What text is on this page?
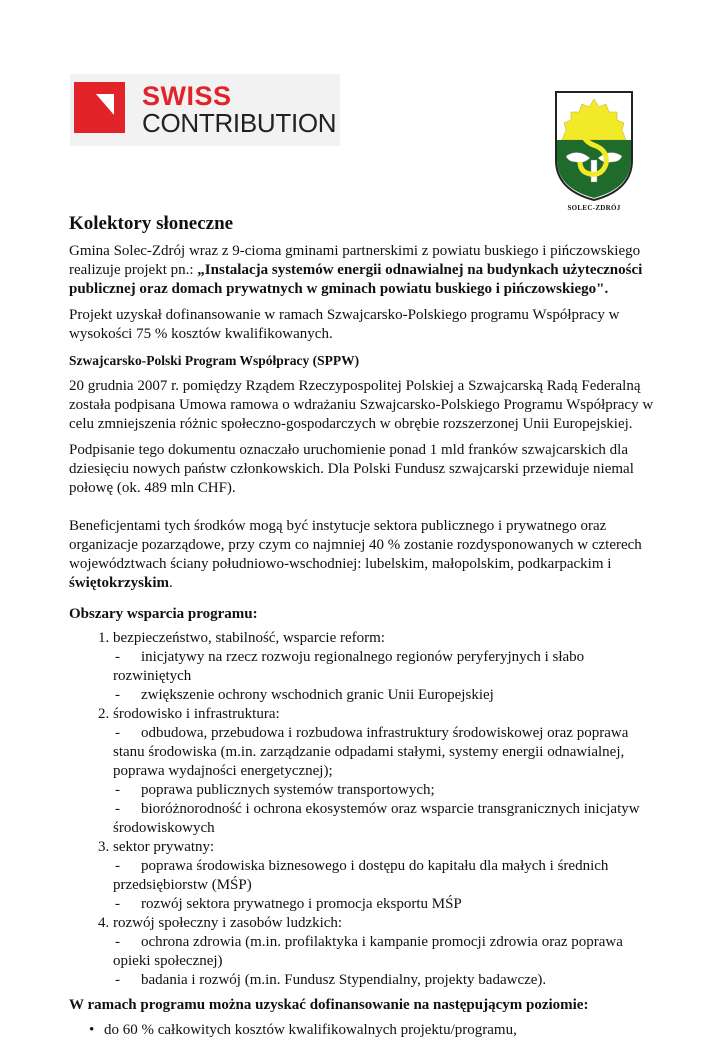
SWISS
CONTRIBUTION
SOLEC-ZDRÓJ
Kolektory słoneczne

Gmina Solec-Zdrój wraz z 9-cioma gminami partnerskimi z powiatu buskiego i pińczowskiego realizuje projekt pn.: „Instalacja systemów energii odnawialnej na budynkach użyteczności publicznej oraz domach prywatnych w gminach powiatu buskiego i pińczowskiego".

Projekt uzyskał dofinansowanie w ramach Szwajcarsko-Polskiego programu Współpracy w wysokości 75 % kosztów kwalifikowanych.

Szwajcarsko-Polski Program Współpracy (SPPW)

20 grudnia 2007 r. pomiędzy Rządem Rzeczypospolitej Polskiej a Szwajcarską Radą Federalną została podpisana Umowa ramowa o wdrażaniu Szwajcarsko-Polskiego Programu Współpracy w celu zmniejszenia różnic społeczno-gospodarczych w obrębie rozszerzonej Unii Europejskiej.

Podpisanie tego dokumentu oznaczało uruchomienie ponad 1 mld franków szwajcarskich dla dziesięciu nowych państw członkowskich. Dla Polski Fundusz szwajcarski przewiduje niemal połowę (ok. 489 mln CHF).

Beneficjentami tych środków mogą być instytucje sektora publicznego i prywatnego oraz organizacje pozarządowe, przy czym co najmniej 40 % zostanie rozdysponowanych w czterech województwach ściany południowo-wschodniej: lubelskim, małopolskim, podkarpackim i świętokrzyskim.

Obszary wsparcia programu:
1. bezpieczeństwo, stabilność, wsparcie reform:
- inicjatywy na rzecz rozwoju regionalnego regionów peryferyjnych i słabo rozwiniętych
- zwiększenie ochrony wschodnich granic Unii Europejskiej
2. środowisko i infrastruktura:
- odbudowa, przebudowa i rozbudowa infrastruktury środowiskowej oraz poprawa stanu środowiska (m.in. zarządzanie odpadami stałymi, systemy energii odnawialnej, poprawa wydajności energetycznej);
- poprawa publicznych systemów transportowych;
- bioróżnorodność i ochrona ekosystemów oraz wsparcie transgranicznych inicjatyw środowiskowych
3. sektor prywatny:
- poprawa środowiska biznesowego i dostępu do kapitału dla małych i średnich przedsiębiorstw (MŚP)
- rozwój sektora prywatnego i promocja eksportu MŚP
4. rozwój społeczny i zasobów ludzkich:
- ochrona zdrowia (m.in. profilaktyka i kampanie promocji zdrowia oraz poprawa opieki społecznej)
- badania i rozwój (m.in. Fundusz Stypendialny, projekty badawcze).
W ramach programu można uzyskać dofinansowanie na następującym poziomie:
• do 60 % całkowitych kosztów kwalifikowalnych projektu/programu,
